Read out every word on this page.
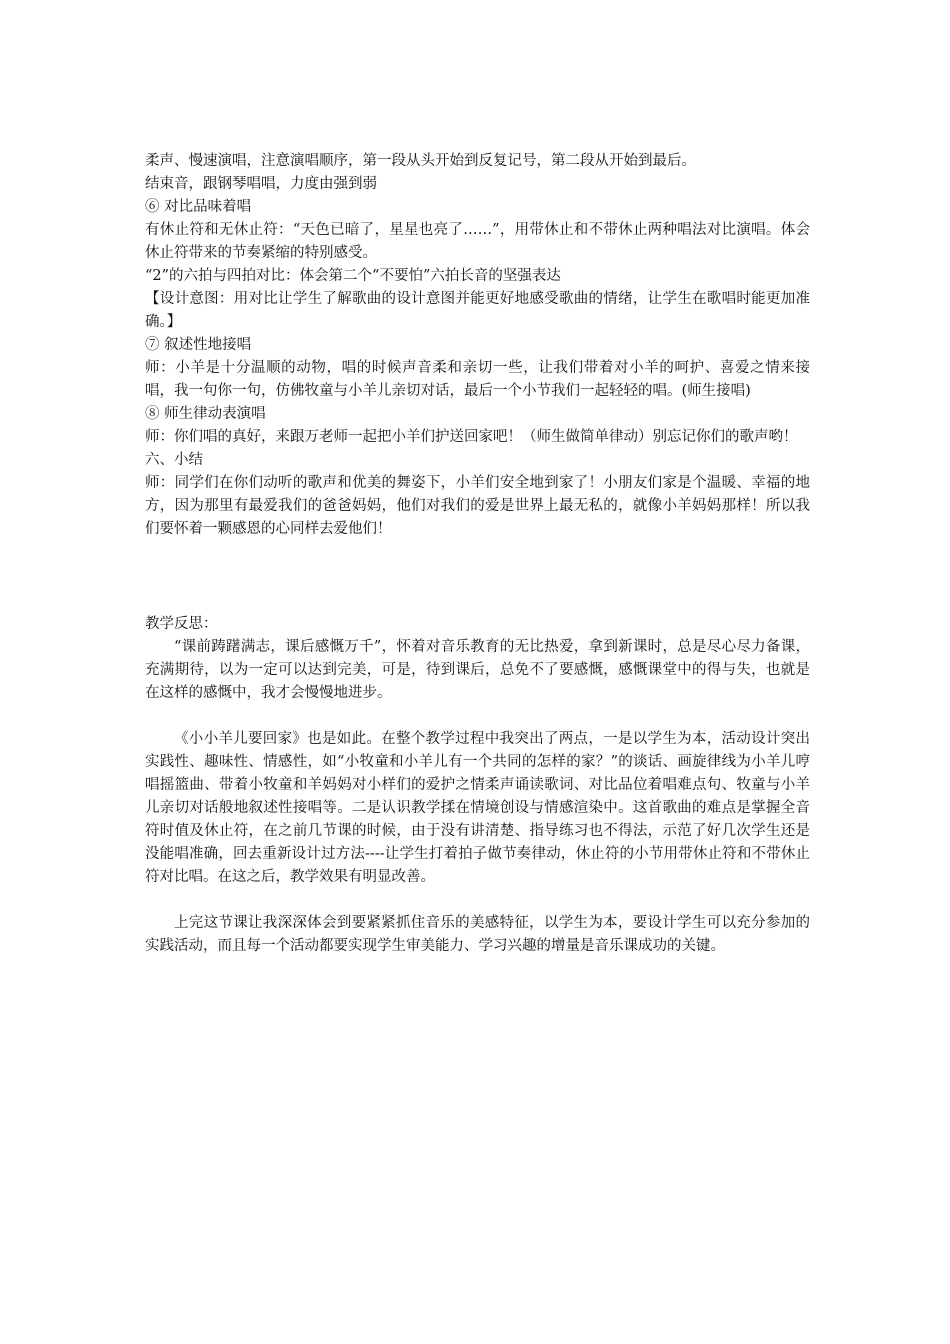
柔声、慢速演唱，注意演唱顺序，第一段从头开始到反复记号，第二段从开始到最后。

结束音，跟钢琴唱唱，力度由强到弱

⑥ 对比品味着唱

有休止符和无休止符：“天色已暗了，星星也亮了……”，用带休止和不带休止两种唱法对比演唱。体会休止符带来的节奏紧缩的特别感受。

“2”的六拍与四拍对比：体会第二个“不要怕”六拍长音的坚强表达

【设计意图：用对比让学生了解歌曲的设计意图并能更好地感受歌曲的情绪，让学生在歌唱时能更加准确。】

⑦ 叙述性地接唱

师：小羊是十分温顺的动物，唱的时候声音柔和亲切一些，让我们带着对小羊的呵护、喜爱之情来接唱，我一句你一句，仿佛牧童与小羊儿亲切对话，最后一个小节我们一起轻轻的唱。(师生接唱)

⑧ 师生律动表演唱

师：你们唱的真好，来跟万老师一起把小羊们护送回家吧！（师生做简单律动）别忘记你们的歌声哟！

六、小结

师：同学们在你们动听的歌声和优美的舞姿下，小羊们安全地到家了！小朋友们家是个温暖、幸福的地方，因为那里有最爱我们的爸爸妈妈，他们对我们的爱是世界上最无私的，就像小羊妈妈那样！所以我们要怀着一颗感恩的心同样去爱他们！

教学反思：

“课前踌躇满志，课后感慨万千”，怀着对音乐教育的无比热爱，拿到新课时，总是尽心尽力备课，充满期待，以为一定可以达到完美，可是，待到课后，总免不了要感慨，感慨课堂中的得与失，也就是在这样的感慨中，我才会慢慢地进步。

《小小羊儿要回家》也是如此。在整个教学过程中我突出了两点，一是以学生为本，活动设计突出实践性、趣味性、情感性，如“小牧童和小羊儿有一个共同的怎样的家？”的谈话、画旋律线为小羊儿哼唱摇篮曲、带着小牧童和羊妈妈对小样们的爱护之情柔声诵读歌词、对比品位着唱难点句、牧童与小羊儿亲切对话般地叙述性接唱等。二是认识教学揉在情境创设与情感渲染中。这首歌曲的难点是掌握全音符时值及休止符，在之前几节课的时候，由于没有讲清楚、指导练习也不得法，示范了好几次学生还是没能唱准确，回去重新设计过方法----让学生打着拍子做节奏律动，休止符的小节用带休止符和不带休止符对比唱。在这之后，教学效果有明显改善。

上完这节课让我深深体会到要紧紧抓住音乐的美感特征，以学生为本，要设计学生可以充分参加的实践活动，而且每一个活动都要实现学生审美能力、学习兴趣的增量是音乐课成功的关键。
